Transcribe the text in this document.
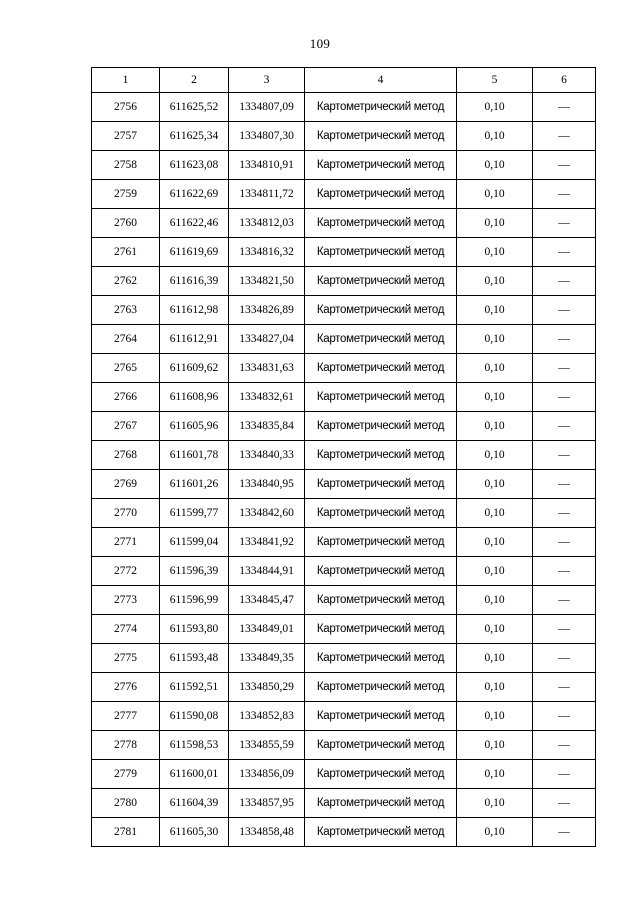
109
1	2	3	4	5	6
2756	611625,52	1334807,09	Картометрический метод	0,10	—
2757	611625,34	1334807,30	Картометрический метод	0,10	—
2758	611623,08	1334810,91	Картометрический метод	0,10	—
2759	611622,69	1334811,72	Картометрический метод	0,10	—
2760	611622,46	1334812,03	Картометрический метод	0,10	—
2761	611619,69	1334816,32	Картометрический метод	0,10	—
2762	611616,39	1334821,50	Картометрический метод	0,10	—
2763	611612,98	1334826,89	Картометрический метод	0,10	—
2764	611612,91	1334827,04	Картометрический метод	0,10	—
2765	611609,62	1334831,63	Картометрический метод	0,10	—
2766	611608,96	1334832,61	Картометрический метод	0,10	—
2767	611605,96	1334835,84	Картометрический метод	0,10	—
2768	611601,78	1334840,33	Картометрический метод	0,10	—
2769	611601,26	1334840,95	Картометрический метод	0,10	—
2770	611599,77	1334842,60	Картометрический метод	0,10	—
2771	611599,04	1334841,92	Картометрический метод	0,10	—
2772	611596,39	1334844,91	Картометрический метод	0,10	—
2773	611596,99	1334845,47	Картометрический метод	0,10	—
2774	611593,80	1334849,01	Картометрический метод	0,10	—
2775	611593,48	1334849,35	Картометрический метод	0,10	—
2776	611592,51	1334850,29	Картометрический метод	0,10	—
2777	611590,08	1334852,83	Картометрический метод	0,10	—
2778	611598,53	1334855,59	Картометрический метод	0,10	—
2779	611600,01	1334856,09	Картометрический метод	0,10	—
2780	611604,39	1334857,95	Картометрический метод	0,10	—
2781	611605,30	1334858,48	Картометрический метод	0,10	—
